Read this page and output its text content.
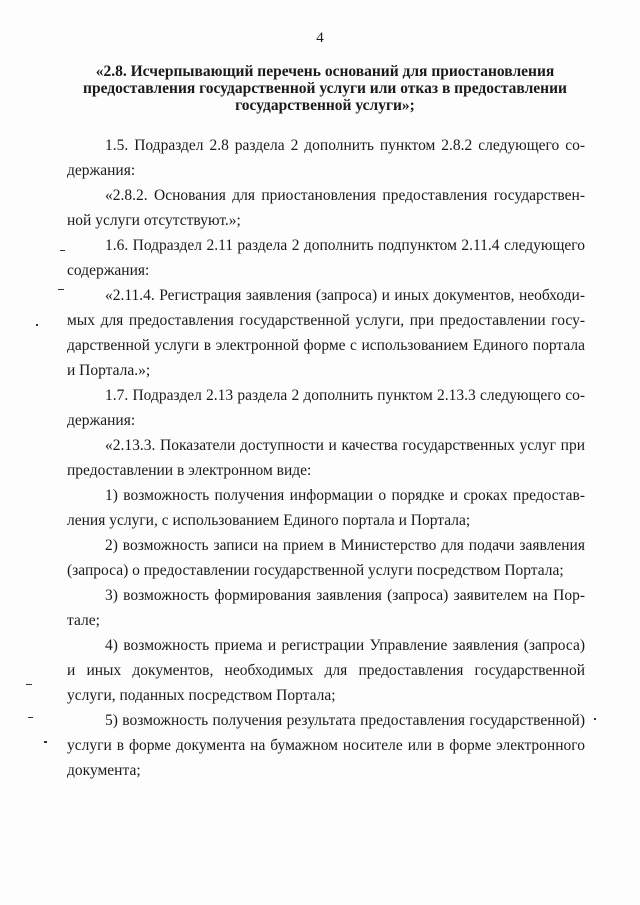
4
«2.8. Исчерпывающий перечень оснований для приостановления
предоставления государственной услуги или отказ в предоставлении
государственной услуги»;

1.5. Подраздел 2.8 раздела 2 дополнить пунктом 2.8.2 следующего со-
держания:

«2.8.2. Основания для приостановления предоставления государствен-
ной услуги отсутствуют.»;

1.6. Подраздел 2.11 раздела 2 дополнить подпунктом 2.11.4 следующего
содержания:

«2.11.4. Регистрация заявления (запроса) и иных документов, необходи-
мых для предоставления государственной услуги, при предоставлении госу-
дарственной услуги в электронной форме с использованием Единого портала
и Портала.»;

1.7. Подраздел 2.13 раздела 2 дополнить пунктом 2.13.3 следующего со-
держания:

«2.13.3. Показатели доступности и качества государственных услуг при
предоставлении в электронном виде:

1) возможность получения информации о порядке и сроках предостав-
ления услуги, с использованием Единого портала и Портала;

2) возможность записи на прием в Министерство для подачи заявления
(запроса) о предоставлении государственной услуги посредством Портала;

3) возможность формирования заявления (запроса) заявителем на Пор-
тале;

4) возможность приема и регистрации Управление заявления (запроса)
и иных документов, необходимых для предоставления государственной
услуги, поданных посредством Портала;

5) возможность получения результата предоставления государственной)
услуги в форме документа на бумажном носителе или в форме электронного
документа;
